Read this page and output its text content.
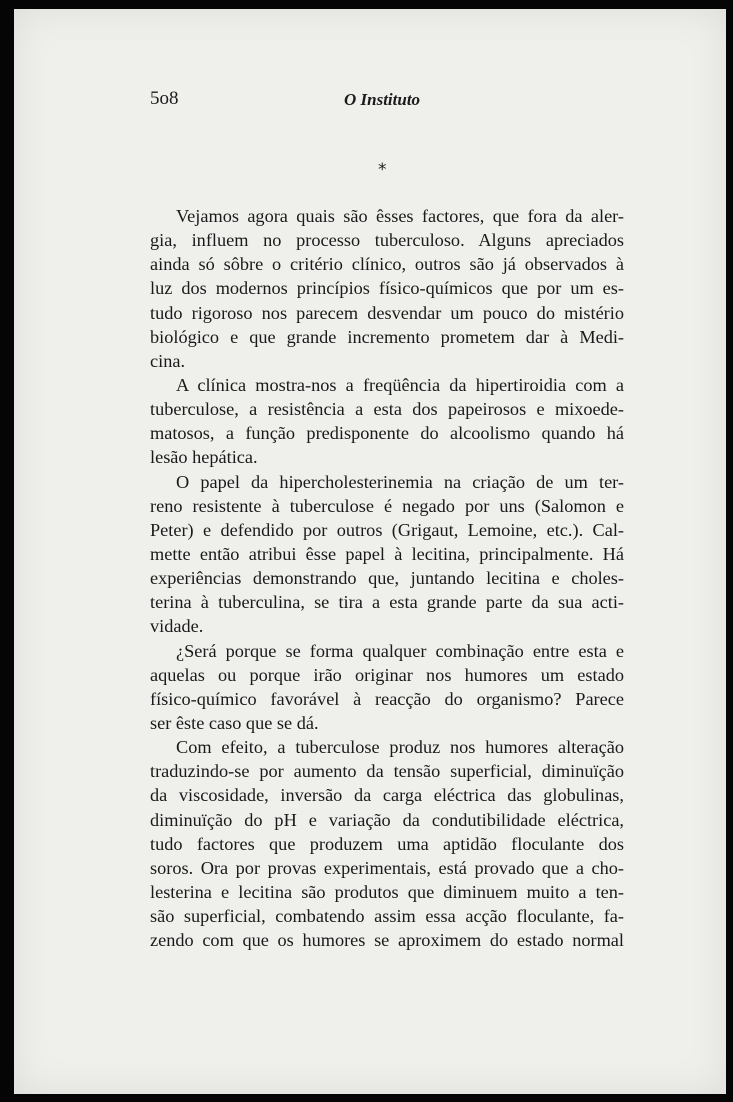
5o8	O Instituto
*
Vejamos agora quais são êsses factores, que fora da aler-
gia, influem no processo tuberculoso. Alguns apreciados
ainda só sôbre o critério clínico, outros são já observados à
luz dos modernos princípios físico-químicos que por um es-
tudo rigoroso nos parecem desvendar um pouco do mistério
biológico e que grande incremento prometem dar à Medi-
cina.
A clínica mostra-nos a freqüência da hipertiroidia com a
tuberculose, a resistência a esta dos papeirosos e mixoede-
matosos, a função predisponente do alcoolismo quando há
lesão hepática.
O papel da hipercholesterinemia na criação de um ter-
reno resistente à tuberculose é negado por uns (Salomon e
Peter) e defendido por outros (Grigaut, Lemoine, etc.). Cal-
mette então atribui êsse papel à lecitina, principalmente. Há
experiências demonstrando que, juntando lecitina e choles-
terina à tuberculina, se tira a esta grande parte da sua acti-
vidade.
¿Será porque se forma qualquer combinação entre esta e
aquelas ou porque irão originar nos humores um estado
físico-químico favorável à reacção do organismo? Parece
ser êste caso que se dá.
Com efeito, a tuberculose produz nos humores alteração
traduzindo-se por aumento da tensão superficial, diminuïção
da viscosidade, inversão da carga eléctrica das globulinas,
diminuïção do pH e variação da condutibilidade eléctrica,
tudo factores que produzem uma aptidão floculante dos
soros. Ora por provas experimentais, está provado que a cho-
lesterina e lecitina são produtos que diminuem muito a ten-
são superficial, combatendo assim essa acção floculante, fa-
zendo com que os humores se aproximem do estado normal
